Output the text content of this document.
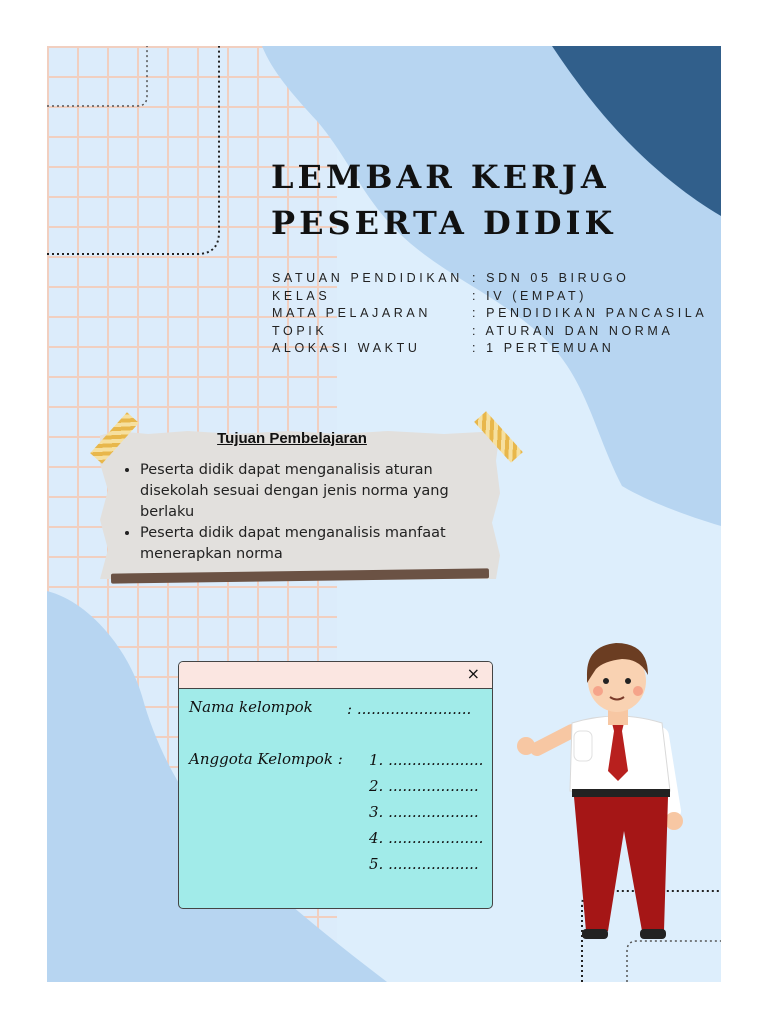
LEMBAR KERJA
PESERTA DIDIK
SATUAN PENDIDIKAN : SDN 05 BIRUGO
KELAS	: IV (EMPAT)
MATA PELAJARAN	: PENDIDIKAN PANCASILA
TOPIK	: ATURAN DAN NORMA
ALOKASI WAKTU	: 1 PERTEMUAN
Tujuan Pembelajaran
• Peserta didik dapat menganalisis aturan disekolah sesuai dengan jenis norma yang berlaku
• Peserta didik dapat menganalisis manfaat menerapkan norma
×
Nama kelompok : ........................
Anggota Kelompok : 1. ....................
2. ...................
3. ...................
4. ....................
5. ...................
